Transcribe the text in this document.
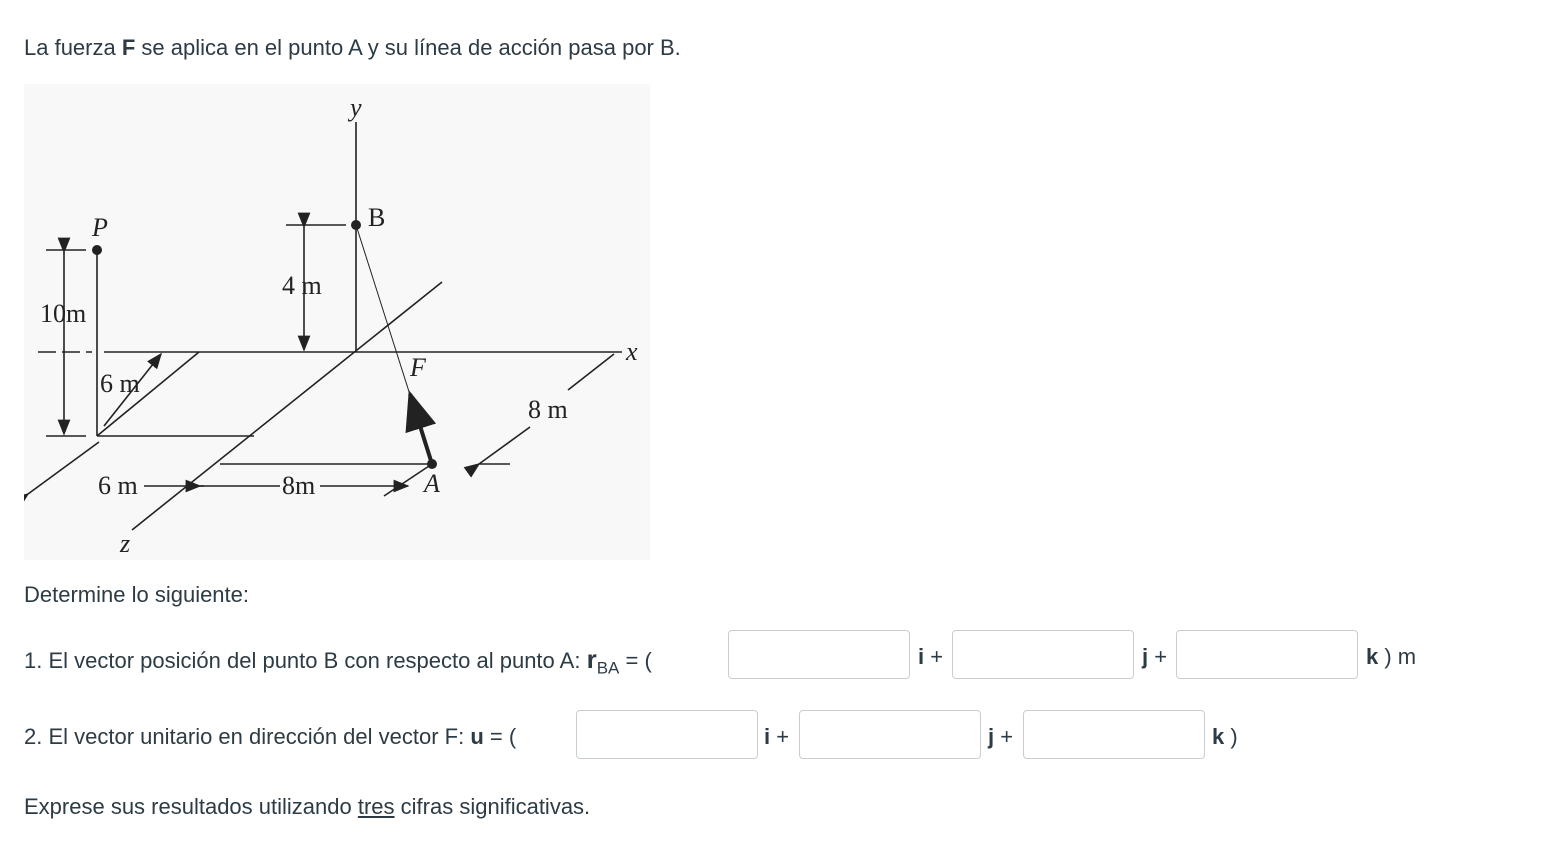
La fuerza F se aplica en el punto A y su línea de acción pasa por B.
y
x
z
P	B
A
F
10m
4 m
6 m
6 m	8m
8 m
Determine lo siguiente:
1. El vector posición del punto B con respecto al punto A: $r_{BA}$ = (	i +	j +	k ) m
2. El vector unitario en dirección del vector F: u = (	i +	j +	k )
Exprese sus resultados utilizando tres cifras significativas.
